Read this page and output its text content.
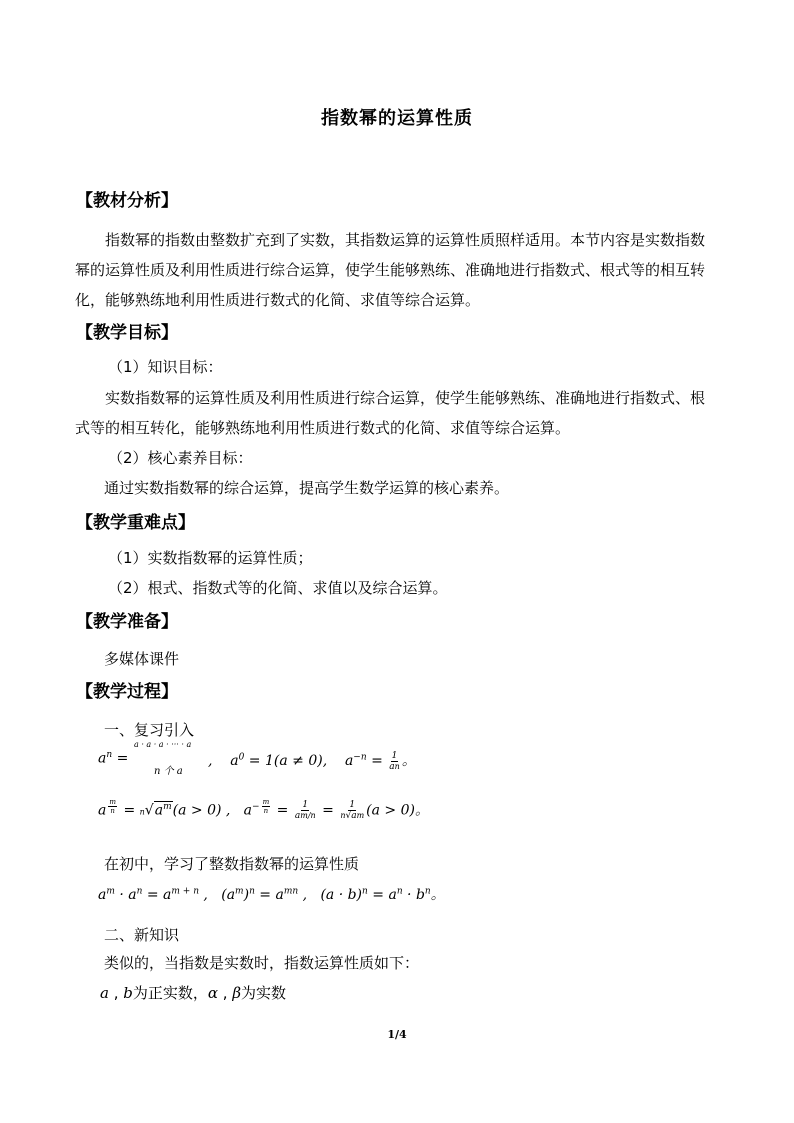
指数幂的运算性质
【教材分析】
指数幂的指数由整数扩充到了实数，其指数运算的运算性质照样适用。本节内容是实数指数幂的运算性质及利用性质进行综合运算，使学生能够熟练、准确地进行指数式、根式等的相互转化，能够熟练地利用性质进行数式的化简、求值等综合运算。
【教学目标】
（1）知识目标：
实数指数幂的运算性质及利用性质进行综合运算，使学生能够熟练、准确地进行指数式、根式等的相互转化，能够熟练地利用性质进行数式的化简、求值等综合运算。
（2）核心素养目标：
通过实数指数幂的综合运算，提高学生数学运算的核心素养。
【教学重难点】
（1）实数指数幂的运算性质；
（2）根式、指数式等的化简、求值以及综合运算。
【教学准备】
多媒体课件
【教学过程】
一、复习引入
$a^n$ =
a · a · a · ··· · a
n 个 a
,    $a^0 = 1(a \ne 0)$,    $a^{-n} = \frac{1}{an}$ 。
a $^{\frac{m}{n}} = n√a^m(a > 0)$ ,   $a^{- \frac{m}{n}} = \frac{1}{am/n} = \frac{1}{n√am} (a > 0)$。
在初中，学习了整数指数幂的运算性质
$a^m \cdot a^n = a^{m + n}$ ,   $(a^m)^n = a^{mn}$ ,   $(a \cdot b)^n = a^n \cdot b^n$。
二、新知识
类似的，当指数是实数时，指数运算性质如下：
a , b为正实数，α , β为实数
1/4
